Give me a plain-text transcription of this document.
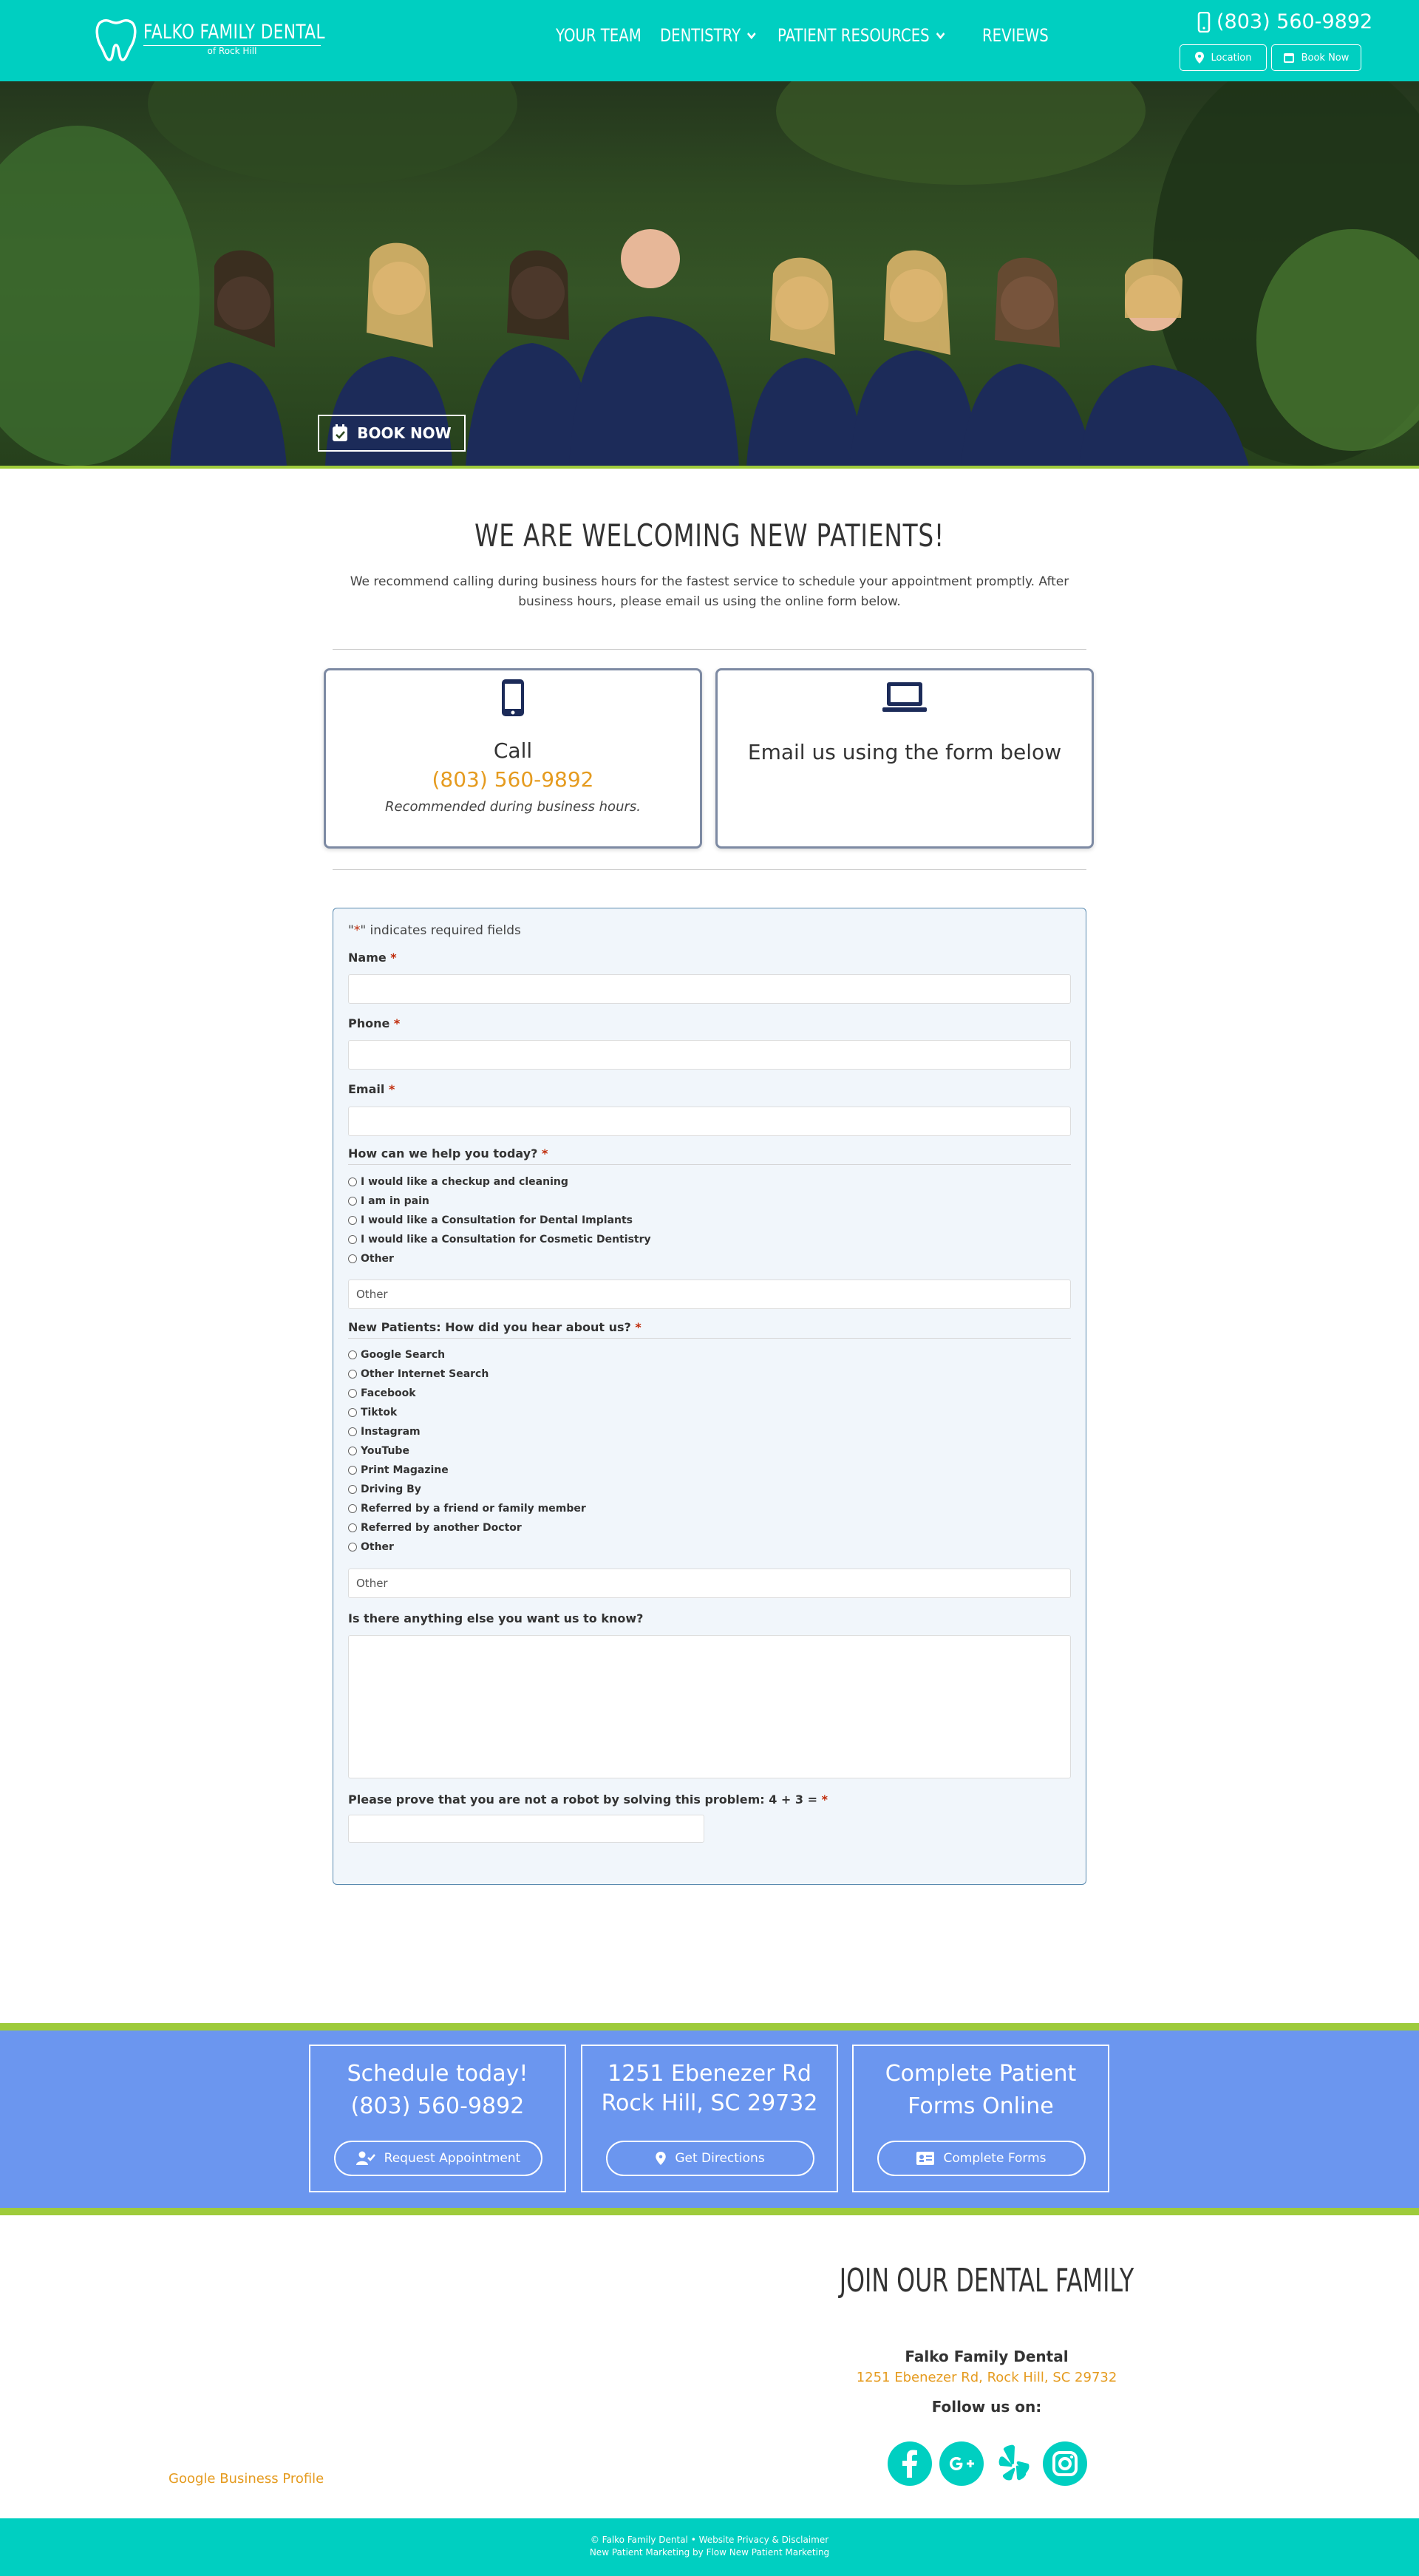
FALKO FAMILY DENTAL
of Rock Hill
YOUR TEAM DENTISTRY PATIENT RESOURCES	REVIEWS
(803) 560-9892
Location	Book Now
BOOK NOW
WE ARE WELCOMING NEW PATIENTS!
We recommend calling during business hours for the fastest service to schedule your appointment promptly. After business hours, please email us using the online form below.
Call
(803) 560-9892
Recommended during business hours.
Email us using the form below
"*" indicates required fields
Name *
Phone *
Email *
How can we help you today? *
I would like a checkup and cleaning
I am in pain
I would like a Consultation for Dental Implants
I would like a Consultation for Cosmetic Dentistry
Other
Other
New Patients: How did you hear about us? *
Google Search
Other Internet Search
Facebook
Tiktok
Instagram
YouTube
Print Magazine
Driving By
Referred by a friend or family member
Referred by another Doctor
Other
Other
Is there anything else you want us to know?
Please prove that you are not a robot by solving this problem: 4 + 3 = *
Schedule today!
(803) 560-9892
Request Appointment
1251 Ebenezer Rd
Rock Hill, SC 29732
Get Directions
Complete Patient
Forms Online
Complete Forms
JOIN OUR DENTAL FAMILY
Falko Family Dental
1251 Ebenezer Rd, Rock Hill, SC 29732
Follow us on:
Google Business Profile
© Falko Family Dental • Website Privacy & Disclaimer
New Patient Marketing by Flow New Patient Marketing
